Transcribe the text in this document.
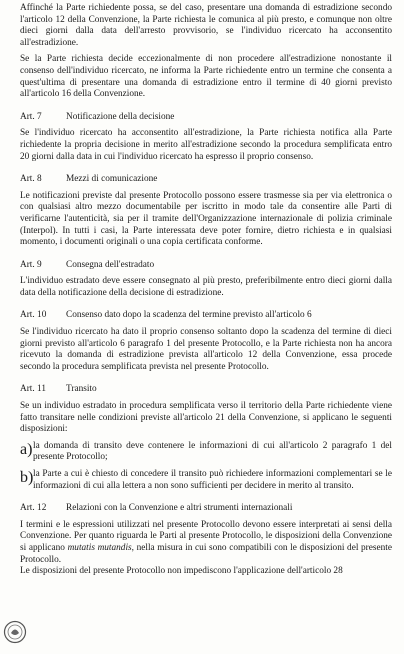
Affinché la Parte richiedente possa, se del caso, presentare una domanda di estradizione secondo l'articolo 12 della Convenzione, la Parte richiesta le comunica al più presto, e comunque non oltre dieci giorni dalla data dell'arresto provvisorio, se l'individuo ricercato ha acconsentito all'estradizione.

Se la Parte richiesta decide eccezionalmente di non procedere all'estradizione nonostante il consenso dell'individuo ricercato, ne informa la Parte richiedente entro un termine che consenta a quest'ultima di presentare una domanda di estradizione entro il termine di 40 giorni previsto all'articolo 16 della Convenzione.

Art. 7	Notificazione della decisione

Se l'individuo ricercato ha acconsentito all'estradizione, la Parte richiesta notifica alla Parte richiedente la propria decisione in merito all'estradizione secondo la procedura semplificata entro 20 giorni dalla data in cui l'individuo ricercato ha espresso il proprio consenso.

Art. 8	Mezzi di comunicazione

Le notificazioni previste dal presente Protocollo possono essere trasmesse sia per via elettronica o con qualsiasi altro mezzo documentabile per iscritto in modo tale da consentire alle Parti di verificarne l'autenticità, sia per il tramite dell'Organizzazione internazionale di polizia criminale (Interpol). In tutti i casi, la Parte interessata deve poter fornire, dietro richiesta e in qualsiasi momento, i documenti originali o una copia certificata conforme.

Art. 9	Consegna dell'estradato

L'individuo estradato deve essere consegnato al più presto, preferibilmente entro dieci giorni dalla data della notificazione della decisione di estradizione.

Art. 10	Consenso dato dopo la scadenza del termine previsto all'articolo 6

Se l'individuo ricercato ha dato il proprio consenso soltanto dopo la scadenza del termine di dieci giorni previsto all'articolo 6 paragrafo 1 del presente Protocollo, e la Parte richiesta non ha ancora ricevuto la domanda di estradizione prevista all'articolo 12 della Convenzione, essa procede secondo la procedura semplificata prevista nel presente Protocollo.

Art. 11	Transito

Se un individuo estradato in procedura semplificata verso il territorio della Parte richiedente viene fatto transitare nelle condizioni previste all'articolo 21 della Convenzione, si applicano le seguenti disposizioni:

a) la domanda di transito deve contenere le informazioni di cui all'articolo 2 paragrafo 1 del presente Protocollo;

b) la Parte a cui è chiesto di concedere il transito può richiedere informazioni complementari se le informazioni di cui alla lettera a non sono sufficienti per decidere in merito al transito.

Art. 12	Relazioni con la Convenzione e altri strumenti internazionali

I termini e le espressioni utilizzati nel presente Protocollo devono essere interpretati ai sensi della Convenzione. Per quanto riguarda le Parti al presente Protocollo, le disposizioni della Convenzione si applicano mutatis mutandis, nella misura in cui sono compatibili con le disposizioni del presente Protocollo.

Le disposizioni del presente Protocollo non impediscono l'applicazione dell'articolo 28
